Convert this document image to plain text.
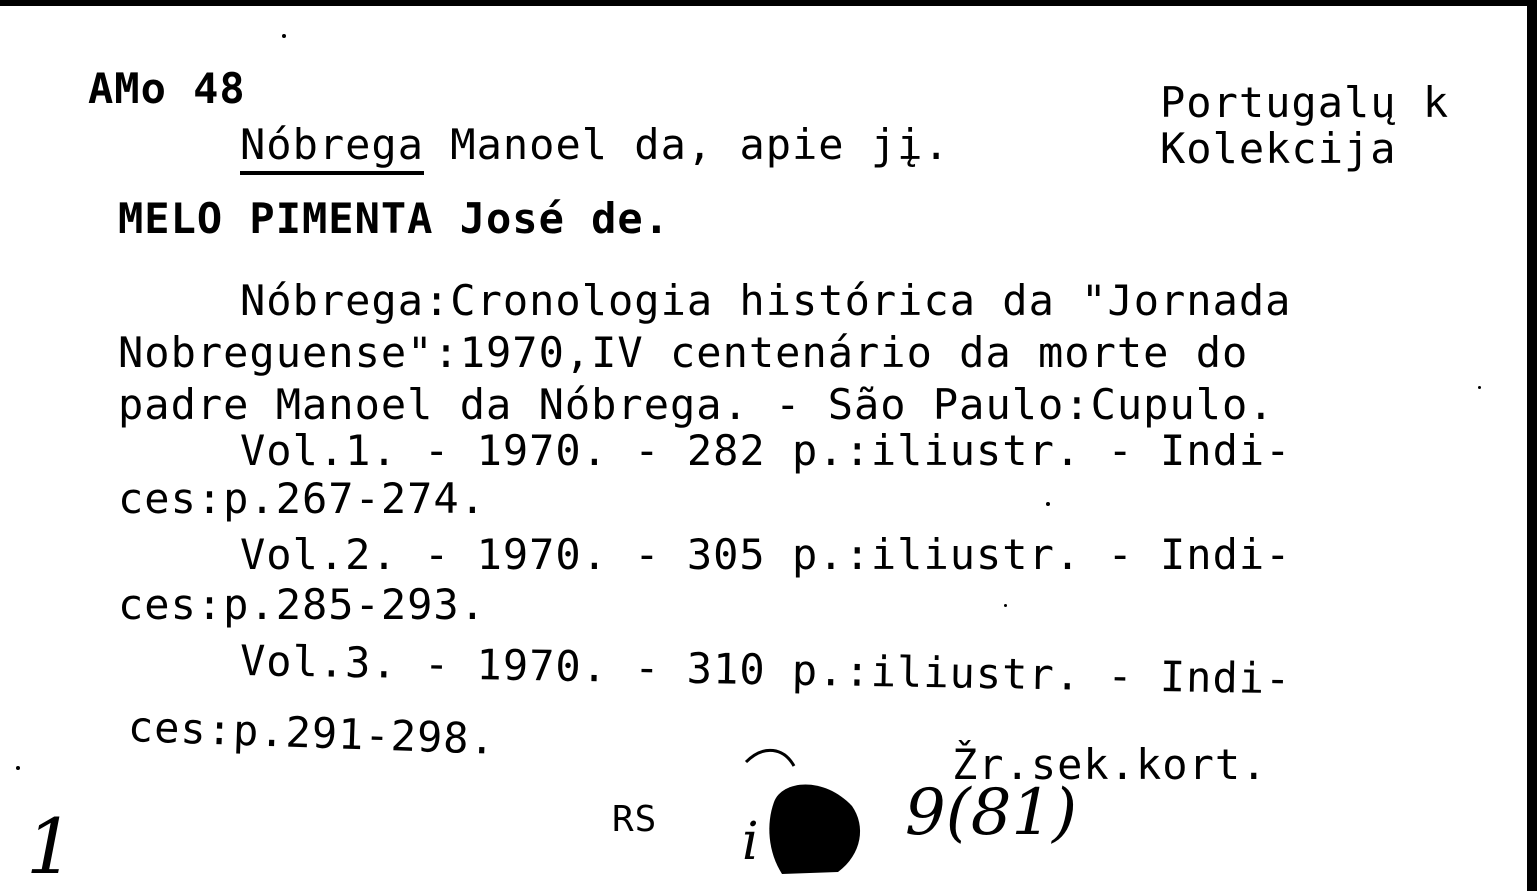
AMo 48	Portugalų k
Kolekcija
Nóbrega Manoel da, apie jį.
MELO PIMENTA José de.
Nóbrega:Cronologia histórica da "Jornada
Nobreguense":1970,IV centenário da morte do
padre Manoel da Nóbrega. - São Paulo:Cupulo.
Vol.1. - 1970. - 282 p.:iliustr. - Indi-
ces:p.267-274.
Vol.2. - 1970. - 305 p.:iliustr. - Indi-
ces:p.285-293.
Vol.3. - 1970. - 310 p.:iliustr. - Indi-
ces:p.291-298.
Žr.sek.kort.
RS
1	9(81)
i
